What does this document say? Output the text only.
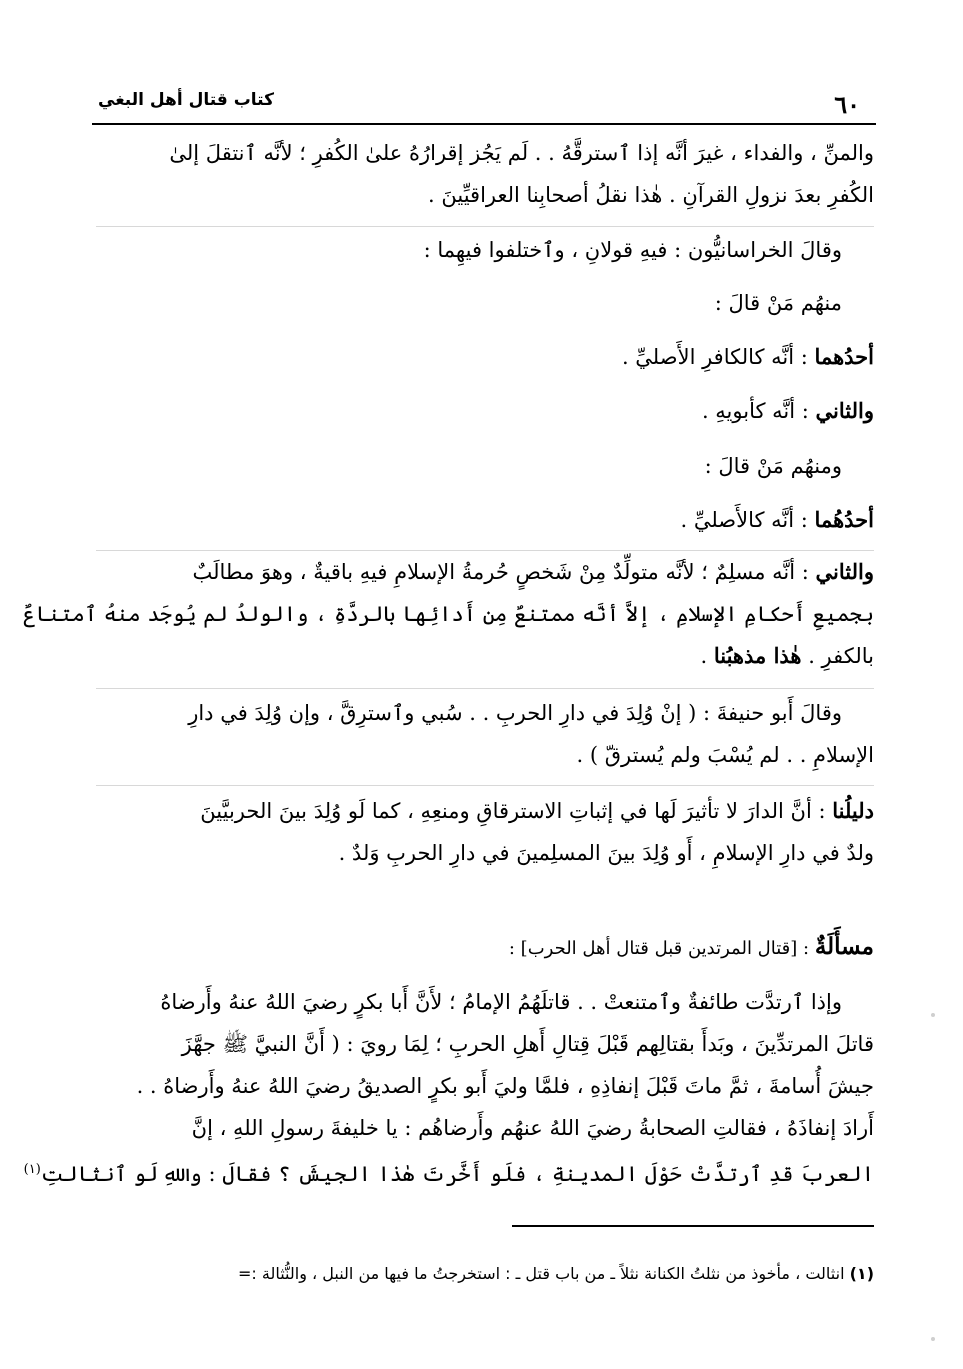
٦٠
كتاب قتال أهل البغي
والمنِّ ، والفداء ، غيرَ أنَّه إذا ٱسترقَّهُ . . لَم يَجُز إقرارُهُ علىٰ الكُفرِ ؛ لأنَّه ٱنتقلَ إلىٰ
الكُفرِ بعدَ نزولِ القرآنِ . هٰذا نقلُ أصحابِنا العراقيِّينَ .
وقالَ الخراسانيُّون : فيهِ قولانِ ، وٱختلفوا فيهِما :
منهُم مَنْ قالَ :
أحدُهما : أنَّه كالكافرِ الأَصليِّ .
والثاني : أنَّه كأبويهِ .
ومنهُم مَنْ قالَ :
أحدُهُما : أنَّه كالأَصليِّ .
والثاني : أنَّه مسلِمٌ ؛ لأنَّه متولِّدٌ مِنْ شَخصٍ حُرمةُ الإسلامِ فيهِ باقيةٌ ، وهوَ مطالَبٌ
بجميعِ أَحكامِ الإسلامِ ، إلاَّ أنَّه ممتنعٌ مِن أَدائِها بالردَّةِ ، والولدُ لم يُوجَد منهُ ٱمتناعٌ
بالكفرِ . هٰذا مذهبُنا .
وقالَ أَبو حنيفةَ : ( إنْ وُلِدَ في دارِ الحربِ . . سُبي وٱسترِقَّ ، وإن وُلِدَ في دارِ
الإسلامِ . . لم يُسْبَ ولم يُسترقّ ) .
دليلُنا : أنَّ الدارَ لا تأثيرَ لَها في إثباتِ الاسترقاقِ ومنعِهِ ، كما لَو وُلِدَ بينَ الحربيَّينَ
ولدٌ في دارِ الإسلامِ ، أَو وُلِدَ بينَ المسلِمينَ في دارِ الحربِ وَلدٌ .
مسأَلَةٌ : [قتال المرتدين قبل قتال أهل الحرب] :
وإذا ٱرتدَّت طائفةٌ وٱمتنعتْ . . قاتلَهُمُ الإمامُ ؛ لأَنَّ أَبا بكرٍ رضيَ اللهُ عنهُ وأَرضاهُ
قاتلَ المرتدِّينَ ، وبَدأَ بقتالِهم قَبْلَ قِتالِ أَهلِ الحربِ ؛ لِمَا رويَ : ( أَنَّ النبيَّ ﷺ جهَّزَ
جيشَ أُسامةَ ، ثمَّ ماتَ قَبْلَ إنفاذِهِ ، فلمَّا وليَ أَبو بكرٍ الصديقُ رضيَ اللهُ عنهُ وأَرضاهُ . .
أَرادَ إنفاذَهُ ، فقالتِ الصحابةُ رضيَ اللهُ عنهُم وأَرضاهُم : يا خليفةَ رسولِ اللهِ ، إنَّ
العربَ قدِ ٱرتدَّتْ حَوْلَ المدينةِ ، فلَو أَخَّرتَ هٰذا الجيشَ ؟ فقالَ : واللهِ لَو ٱنثالتِ$^{(١)}$
(١) انثالت ، مأخوذ من نثلتُ الكنانة نثلاً ـ من باب قتل ـ : استخرجتُ ما فيها من النبل ، والنُّثالة :=
